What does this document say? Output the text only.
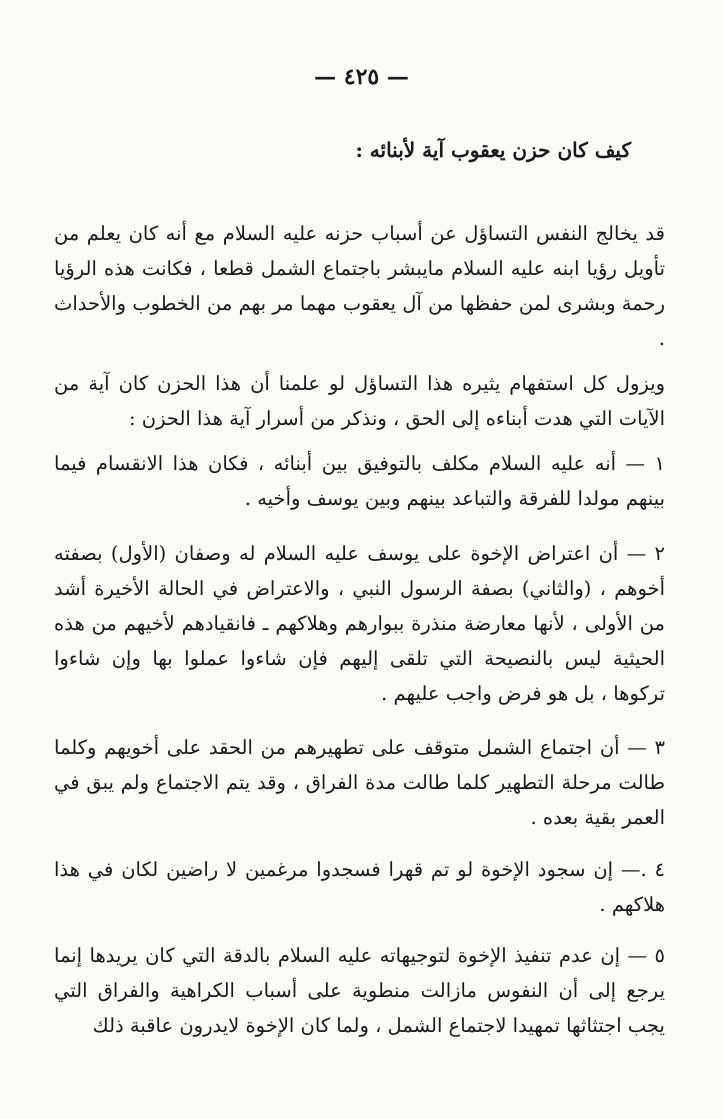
— ٤٢٥ —
كيف كان حزن يعقوب آية لأبنائه :

قد يخالج النفس التساؤل عن أسباب حزنه عليه السلام مع أنه كان يعلم من تأويل رؤيا ابنه عليه السلام مايبشر باجتماع الشمل قطعا ، فكانت هذه الرؤيا رحمة وبشرى لمن حفظها من آل يعقوب مهما مر بهم من الخطوب والأحداث .

ويزول كل استفهام يثيره هذا التساؤل لو علمنا أن هذا الحزن كان آية من الآيات التي هدت أبناءه إلى الحق ، ونذكر من أسرار آية هذا الحزن :

١ — أنه عليه السلام مكلف بالتوفيق بين أبنائه ، فكان هذا الانقسام فيما بينهم مولدا للفرقة والتباعد بينهم وبين يوسف وأخيه .

٢ — أن اعتراض الإخوة على يوسف عليه السلام له وصفان (الأول) بصفته أخوهم ، (والثاني) بصفة الرسول النبي ، والاعتراض في الحالة الأخيرة أشد من الأولى ، لأنها معارضة منذرة ببوارهم وهلاكهم ـ فانقيادهم لأخيهم من هذه الحيثية ليس بالنصيحة التي تلقى إليهم فإن شاءوا عملوا بها وإن شاءوا تركوها ، بل هو فرض واجب عليهم .

٣ — أن اجتماع الشمل متوقف على تطهيرهم من الحقد على أخويهم وكلما طالت مرحلة التطهير كلما طالت مدة الفراق ، وقد يتم الاجتماع ولم يبق في العمر بقية بعده .

٤ .— إن سجود الإخوة لو تم قهرا فسجدوا مرغمين لا راضين لكان في هذا هلاكهم .

٥ — إن عدم تنفيذ الإخوة لتوجيهاته عليه السلام بالدقة التي كان يريدها إنما يرجع إلى أن النفوس مازالت منطوية على أسباب الكراهية والفراق التي يجب اجتثاثها تمهيدا لاجتماع الشمل ، ولما كان الإخوة لايدرون عاقبة ذلك
